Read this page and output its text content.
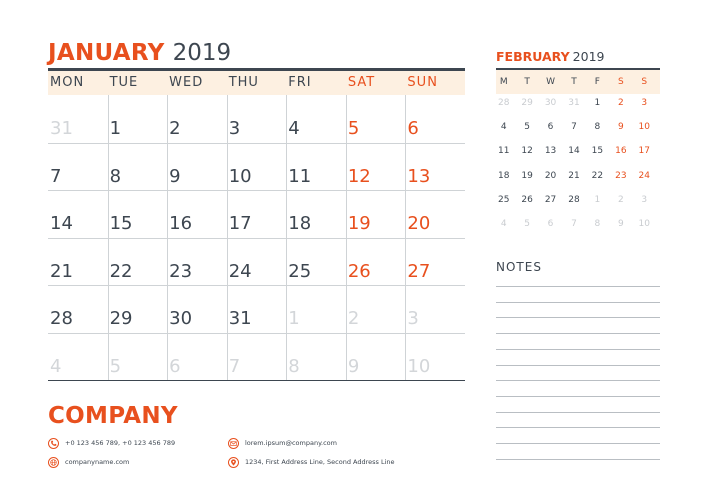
JANUARY 2019
MON	TUE	WED	THU	FRI	SAT	SUN
31 1	2	3	4	5	6
7	8	9	10 11 12 13
14 15 16 17 18 19 20
21 22 23 24 25 26 27
28 29 30 31 1	2	3
4	5	6	7	8	9	10
FEBRUARY 2019
M	T	W	T	F	S	S
28	29	30	31	1	2	3
4	5	6	7	8	9	10
11	12	13	14	15	16	17
18	19	20	21	22	23	24
25	26	27	28	1	2	3
4	5	6	7	8	9	10
NOTES
COMPANY
+0 123 456 789, +0 123 456 789
companyname.com
lorem.ipsum@company.com
1234, First Address Line, Second Address Line
